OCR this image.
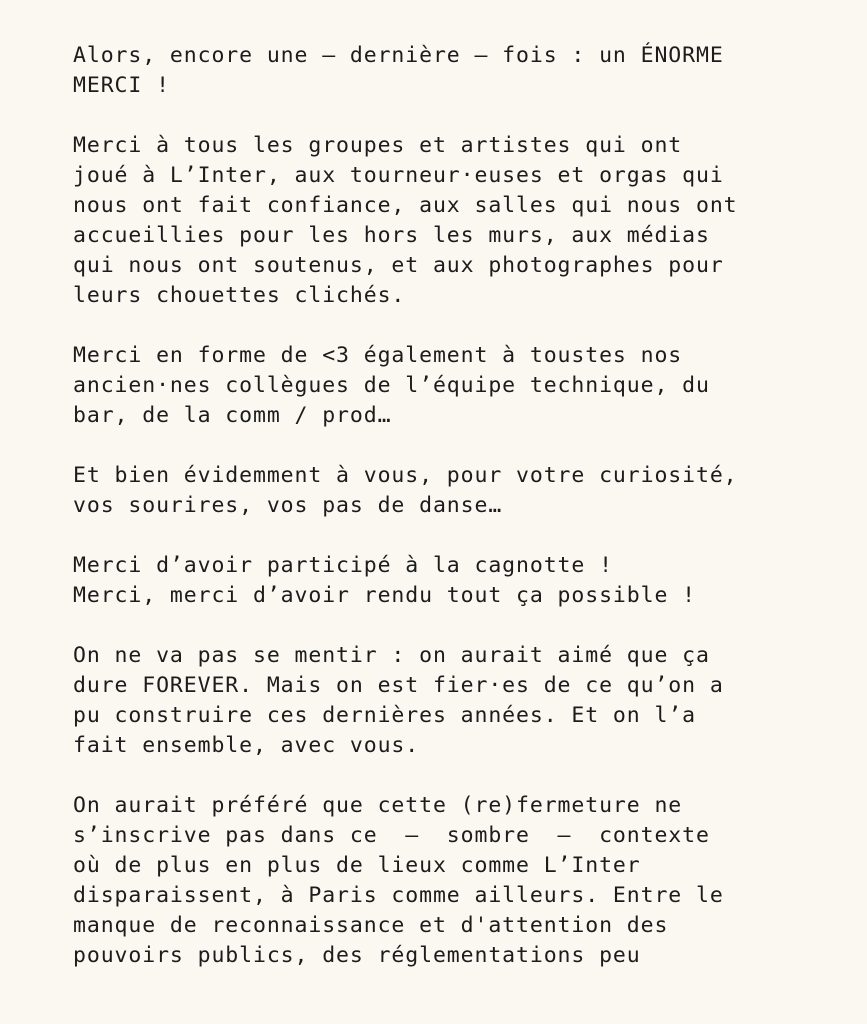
Alors, encore une — dernière — fois : un ÉNORME
MERCI !
Merci à tous les groupes et artistes qui ont
joué à L’Inter, aux tourneur·euses et orgas qui
nous ont fait confiance, aux salles qui nous ont
accueillies pour les hors les murs, aux médias
qui nous ont soutenus, et aux photographes pour
leurs chouettes clichés.
Merci en forme de <3 également à toustes nos
ancien·nes collègues de l’équipe technique, du
bar, de la comm / prod…
Et bien évidemment à vous, pour votre curiosité,
vos sourires, vos pas de danse…
Merci d’avoir participé à la cagnotte !
Merci, merci d’avoir rendu tout ça possible !
On ne va pas se mentir : on aurait aimé que ça
dure FOREVER. Mais on est fier·es de ce qu’on a
pu construire ces dernières années. Et on l’a
fait ensemble, avec vous.
On aurait préféré que cette (re)fermeture ne
s’inscrive pas dans ce  —  sombre  —  contexte
où de plus en plus de lieux comme L’Inter
disparaissent, à Paris comme ailleurs. Entre le
manque de reconnaissance et d'attention des
pouvoirs publics, des réglementations peu
